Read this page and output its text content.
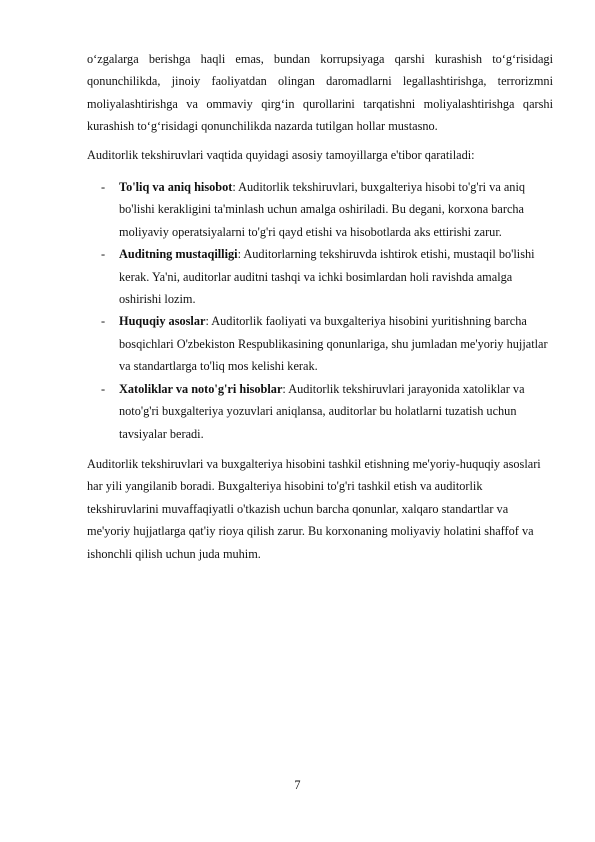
o‘zgalarga berishga haqli emas, bundan korrupsiyaga qarshi kurashish to‘g‘risidagi qonunchilikda, jinoiy faoliyatdan olingan daromadlarni legallashtirishga, terrorizmni moliyalashtirishga va ommaviy qirg‘in qurollarini tarqatishni moliyalashtirishga qarshi kurashish to‘g‘risidagi qonunchilikda nazarda tutilgan hollar mustasno.

Auditorlik tekshiruvlari vaqtida quyidagi asosiy tamoyillarga e'tibor qaratiladi:

- To'liq va aniq hisobot: Auditorlik tekshiruvlari, buxgalteriya hisobi to'g'ri va aniq bo'lishi kerakligini ta'minlash uchun amalga oshiriladi. Bu degani, korxona barcha moliyaviy operatsiyalarni to'g'ri qayd etishi va hisobotlarda aks ettirishi zarur.
- Auditning mustaqilligi: Auditorlarning tekshiruvda ishtirok etishi, mustaqil bo'lishi kerak. Ya'ni, auditorlar auditni tashqi va ichki bosimlardan holi ravishda amalga oshirishi lozim.
- Huquqiy asoslar: Auditorlik faoliyati va buxgalteriya hisobini yuritishning barcha bosqichlari O'zbekiston Respublikasining qonunlariga, shu jumladan me'yoriy hujjatlar va standartlarga to'liq mos kelishi kerak.
- Xatoliklar va noto'g'ri hisoblar: Auditorlik tekshiruvlari jarayonida xatoliklar va noto'g'ri buxgalteriya yozuvlari aniqlansa, auditorlar bu holatlarni tuzatish uchun tavsiyalar beradi.

Auditorlik tekshiruvlari va buxgalteriya hisobini tashkil etishning me'yoriy-huquqiy asoslari har yili yangilanib boradi. Buxgalteriya hisobini to'g'ri tashkil etish va auditorlik tekshiruvlarini muvaffaqiyatli o'tkazish uchun barcha qonunlar, xalqaro standartlar va me'yoriy hujjatlarga qat'iy rioya qilish zarur. Bu korxonaning moliyaviy holatini shaffof va ishonchli qilish uchun juda muhim.

7
